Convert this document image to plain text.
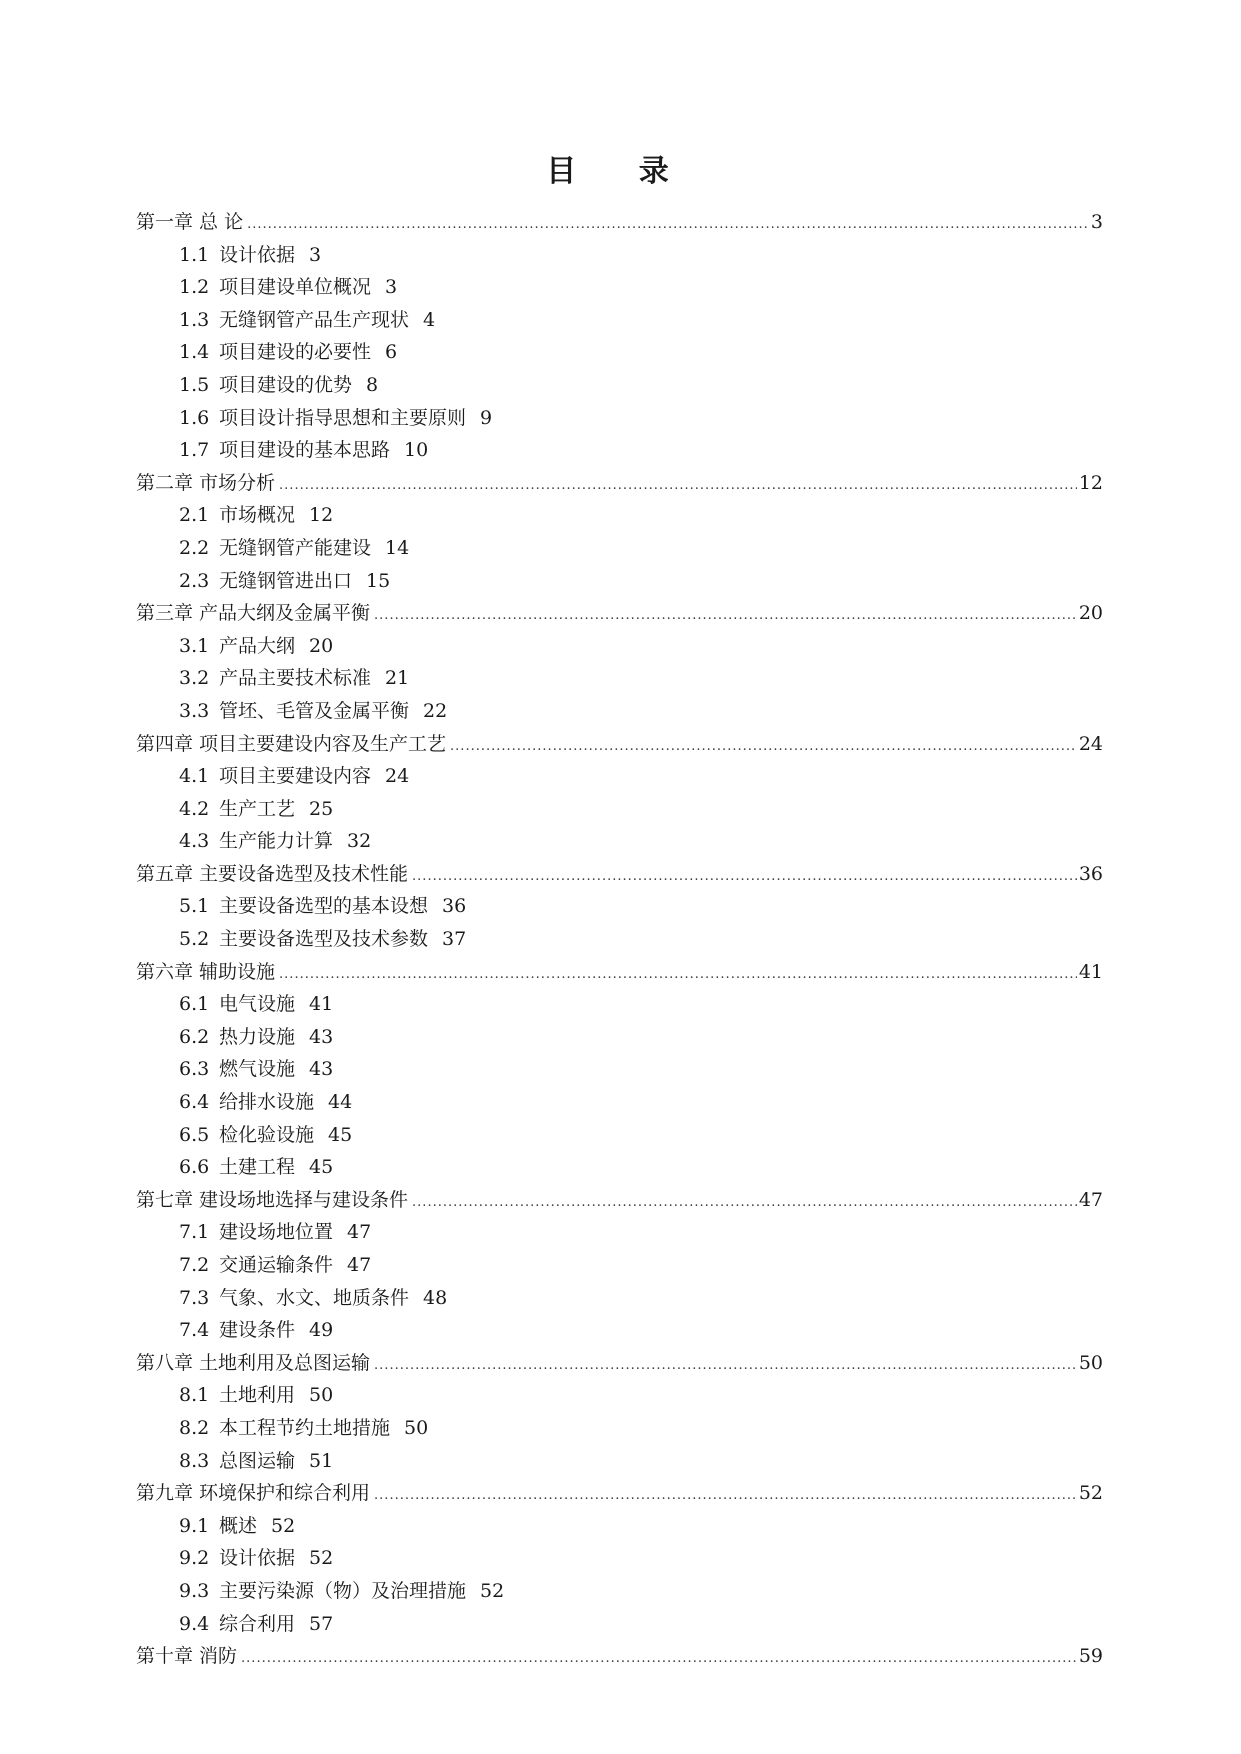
目 录
第一章 总 论 .....	3
1.1 设计依据 3
1.2 项目建设单位概况 3
1.3 无缝钢管产品生产现状 4
1.4 项目建设的必要性 6
1.5 项目建设的优势 8
1.6 项目设计指导思想和主要原则 9
1.7 项目建设的基本思路 10
第二章 市场分析 .....	12
2.1 市场概况 12
2.2 无缝钢管产能建设 14
2.3 无缝钢管进出口 15
第三章 产品大纲及金属平衡 .....	20
3.1 产品大纲 20
3.2 产品主要技术标准 21
3.3 管坯、毛管及金属平衡 22
第四章 项目主要建设内容及生产工艺 .....	24
4.1 项目主要建设内容 24
4.2 生产工艺 25
4.3 生产能力计算 32
第五章 主要设备选型及技术性能 .....	36
5.1 主要设备选型的基本设想 36
5.2 主要设备选型及技术参数 37
第六章 辅助设施 .....	41
6.1 电气设施 41
6.2 热力设施 43
6.3 燃气设施 43
6.4 给排水设施 44
6.5 检化验设施 45
6.6 土建工程 45
第七章 建设场地选择与建设条件 .....	47
7.1 建设场地位置 47
7.2 交通运输条件 47
7.3 气象、水文、地质条件 48
7.4 建设条件 49
第八章 土地利用及总图运输 .....	50
8.1 土地利用 50
8.2 本工程节约土地措施 50
8.3 总图运输 51
第九章 环境保护和综合利用 .....	52
9.1 概述 52
9.2 设计依据 52
9.3 主要污染源（物）及治理措施 52
9.4 综合利用 57
第十章 消防 .....	59
